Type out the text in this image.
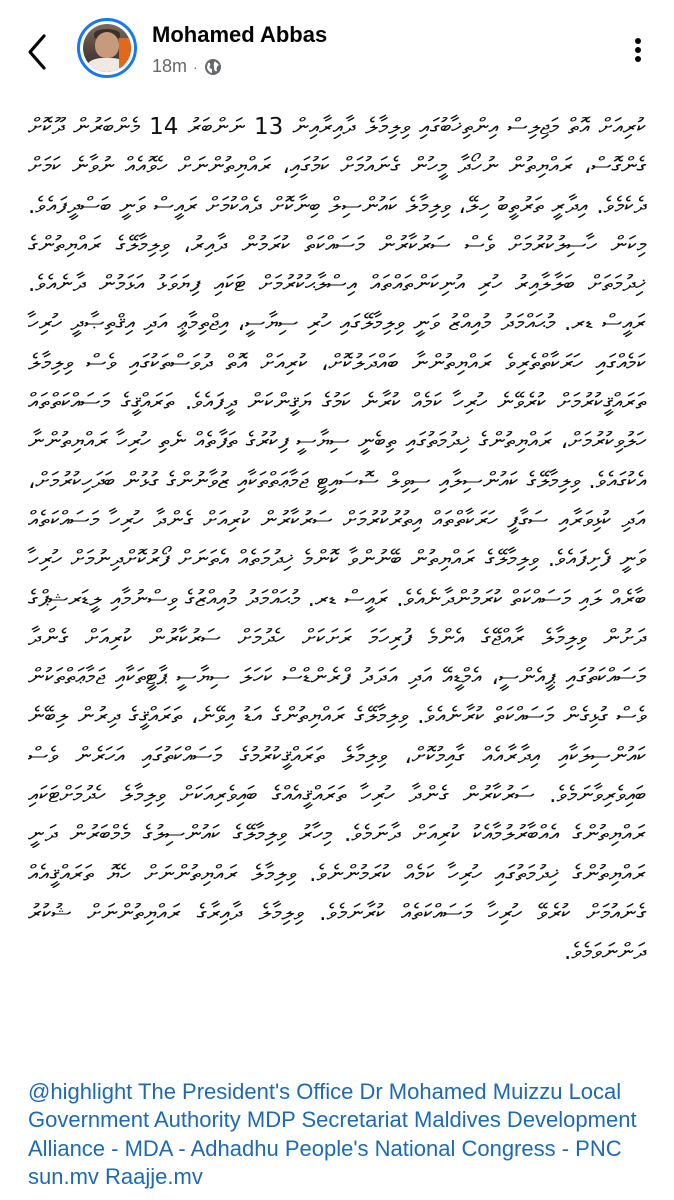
Mohamed Abbas
18m ·

ކުރިއަށް އޮތް މަޖިލިސް އިންތިޚާބުގައި ވިލިމާލެ ދާއިރާއިން 13 ނަންބަރު 14 މެންބަރުން ދޫކޮށް ގެންގޮސް، ރައްޔިތުން ނުހޯދާ މީހުން ގެނައުމަށް ކަމުގައި، ރައްޔިތުންނަށް ހެވޮއެއް ނުވާނެ ކަމަށް ދެކެމެވެ. އިދާރީ ތަރުތީބު ހިލޭ، ވިލިމާލެ ކައުންސިލް ބިނާކޮށް ދެއްކުމަށް ރައީސް ވަނީ ބަސްދީފައެވެ. މިކަން ހާސިލުކުރުމަށް ވެސް ސަރުކާރުން މަސައްކަތް ކުރަމުން ދާއިރު، ވިލިމާލޭގެ ރައްޔިތުންގެ ޚިދުމަތަށް ބަލާލާއިރު ހުރި އުނިކަންތައްތައް އިސްލާޙުކުރުމަށް ޓަކައި ފިޔަވަޅު އަޅަމުން ދާނެއެވެ. ރައީސް ޑރ. މުޙައްމަދު މުއިއްޒު ވަނީ ވިލިމާލޭގައި ހުރި ސިޔާސީ، އިޖްތިމާޢީ އަދި އިޤްތިޞާދީ ހުރިހާ ކަމެއްގައި ހަރަކާތްތެރިވެ ރައްޔިތުންނާ ބައްދަލުކޮށް، ކުރިއަށް އޮތް ދުވަސްތަކުގައި ވެސް ވިލިމާލެ ތަރައްޤީކުރުމަށް ކުރެވޭނެ ހުރިހާ ކަމެއް ކުރާނެ ކަމުގެ ޔަޤީންކަން ދީފައެވެ. ތަރައްޤީގެ މަސައްކަތްތައް ހަލުވިކުރުމަށް، ރައްޔިތުންގެ ޚިދުމަތުގައި ތިބެނީ ސިޔާސީ ފިކުރުގެ ތަފާތެއް ނެތި ހުރިހާ ރައްޔިތުންނާ އެކުގައެވެ. ވިލިމާލޭގެ ކައުންސިލާއި ސިވިލް ސޮސައިޓީ ޖަމާޢަތްތަކާއި ޒުވާނުންގެ ގުޅުން ބަދަހިކުރުމަށް، އަދި ކުޅިވަރާއި ސަގާފީ ހަރަކާތްތައް އިތުރުކުރުމަށް ސަރުކާރުން ކުރިއަށް ގެންދާ ހުރިހާ މަސައްކަތެއް ވަނީ ފެށިފައެވެ. ވިލިމާލޭގެ ރައްޔިތުން ބޭނުންވާ ކޮންމެ ޚިދުމަތެއް އެތަނަށް ފޯރުކޮށްދިނުމަށް ހުރިހާ ބާރެއް ލައި މަސައްކަތް ކުރަމުންދާނެއެވެ. ރައީސް ޑރ. މުޙައްމަދު މުއިއްޒުގެ ވިސްނުމާއި ލީޑަރޝިޕްގެ ދަށުން ވިލިމާލެ ރާއްޖޭގެ އެންމެ ފުރިހަމަ ރަށަކަށް ހެދުމަށް ސަރުކާރުން ކުރިއަށް ގެންދާ މަސައްކަތުގައި ޕީއެންސީ، އެމްޑީއޭ އަދި އަދަދު ފްރެންޑްސް ކަހަލަ ސިޔާސީ ޕާޓީތަކާއި ޖަމާޢަތްތަކުން ވެސް ގުޅިގެން މަސައްކަތް ކުރާނެއެވެ. ވިލިމާލޭގެ ރައްޔިތުންގެ އަޑު އިވޭނެ، ތަރައްޤީގެ ދިރުން ލިބޭނެ ކައުންސިލަކާއި އިދާރާއެއް ގާއިމުކޮށް، ވިލިމާލެ ތަރައްޤީކުރުމުގެ މަސައްކަތުގައި އަހަރެން ވެސް ބައިވެރިވާނަމެވެ. ސަރުކާރުން ގެންދާ ހުރިހާ ތަރައްޤީއެއްގެ ބައިވެރިއަކަށް ވިލިމާލެ ހެދުމަށްޓަކައި ރައްޔިތުންގެ އެއްބާރުލުމާއެކު ކުރިއަށް ދާނަމެވެ. މިހާރު ވިލިމާލޭގެ ކައުންސިލުގެ މެމްބަރުން ދަނީ ރައްޔިތުންގެ ޚިދުމަތުގައި ހުރިހާ ކަމެއް ކުރަމުންނެވެ. ވިލިމާލެ ރައްޔިތުންނަށް ހެޔޮ ތަރައްޤީއެއް ގެނައުމަށް ކުރެވޭ ހުރިހާ މަސައްކަތެއް ކުރާނަމެވެ. ވިލިމާލެ ދާއިރާގެ ރައްޔިތުންނަށް ޝުކުރު ދަންނަވަމެވެ.

@highlight The President's Office Dr Mohamed Muizzu Local Government Authority MDP Secretariat Maldives Development Alliance - MDA - Adhadhu People's National Congress - PNC sun.mv Raajje.mv
